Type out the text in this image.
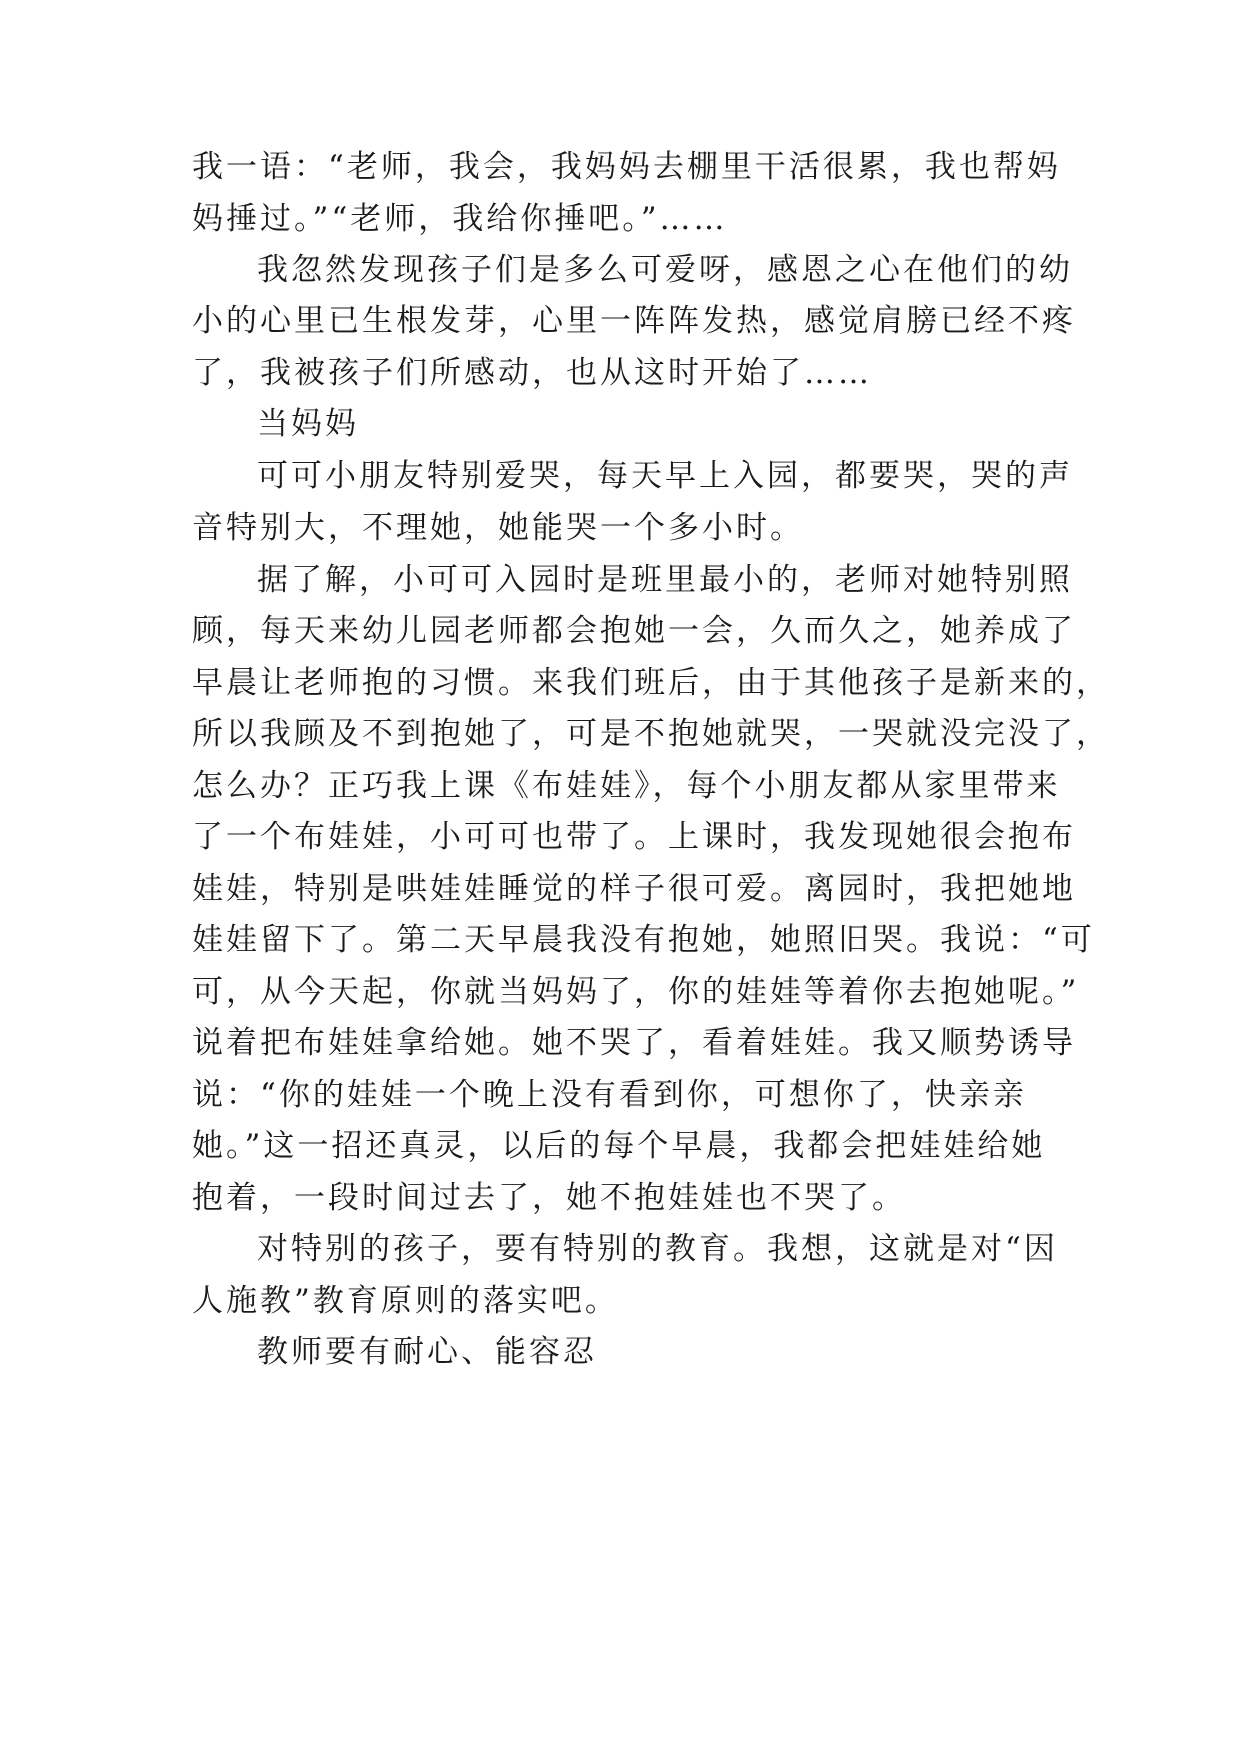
我一语：“老师，我会，我妈妈去棚里干活很累，我也帮妈
妈捶过。”“老师，我给你捶吧。”……
我忽然发现孩子们是多么可爱呀，感恩之心在他们的幼
小的心里已生根发芽，心里一阵阵发热，感觉肩膀已经不疼
了，我被孩子们所感动，也从这时开始了……
当妈妈
可可小朋友特别爱哭，每天早上入园，都要哭，哭的声
音特别大，不理她，她能哭一个多小时。
据了解，小可可入园时是班里最小的，老师对她特别照
顾，每天来幼儿园老师都会抱她一会，久而久之，她养成了
早晨让老师抱的习惯。来我们班后，由于其他孩子是新来的，
所以我顾及不到抱她了，可是不抱她就哭，一哭就没完没了，
怎么办？正巧我上课《布娃娃》，每个小朋友都从家里带来
了一个布娃娃，小可可也带了。上课时，我发现她很会抱布
娃娃，特别是哄娃娃睡觉的样子很可爱。离园时，我把她地
娃娃留下了。第二天早晨我没有抱她，她照旧哭。我说：“可
可，从今天起，你就当妈妈了，你的娃娃等着你去抱她呢。”
说着把布娃娃拿给她。她不哭了，看着娃娃。我又顺势诱导
说：“你的娃娃一个晚上没有看到你，可想你了，快亲亲
她。”这一招还真灵，以后的每个早晨，我都会把娃娃给她
抱着，一段时间过去了，她不抱娃娃也不哭了。
对特别的孩子，要有特别的教育。我想，这就是对“因
人施教”教育原则的落实吧。
教师要有耐心、能容忍
